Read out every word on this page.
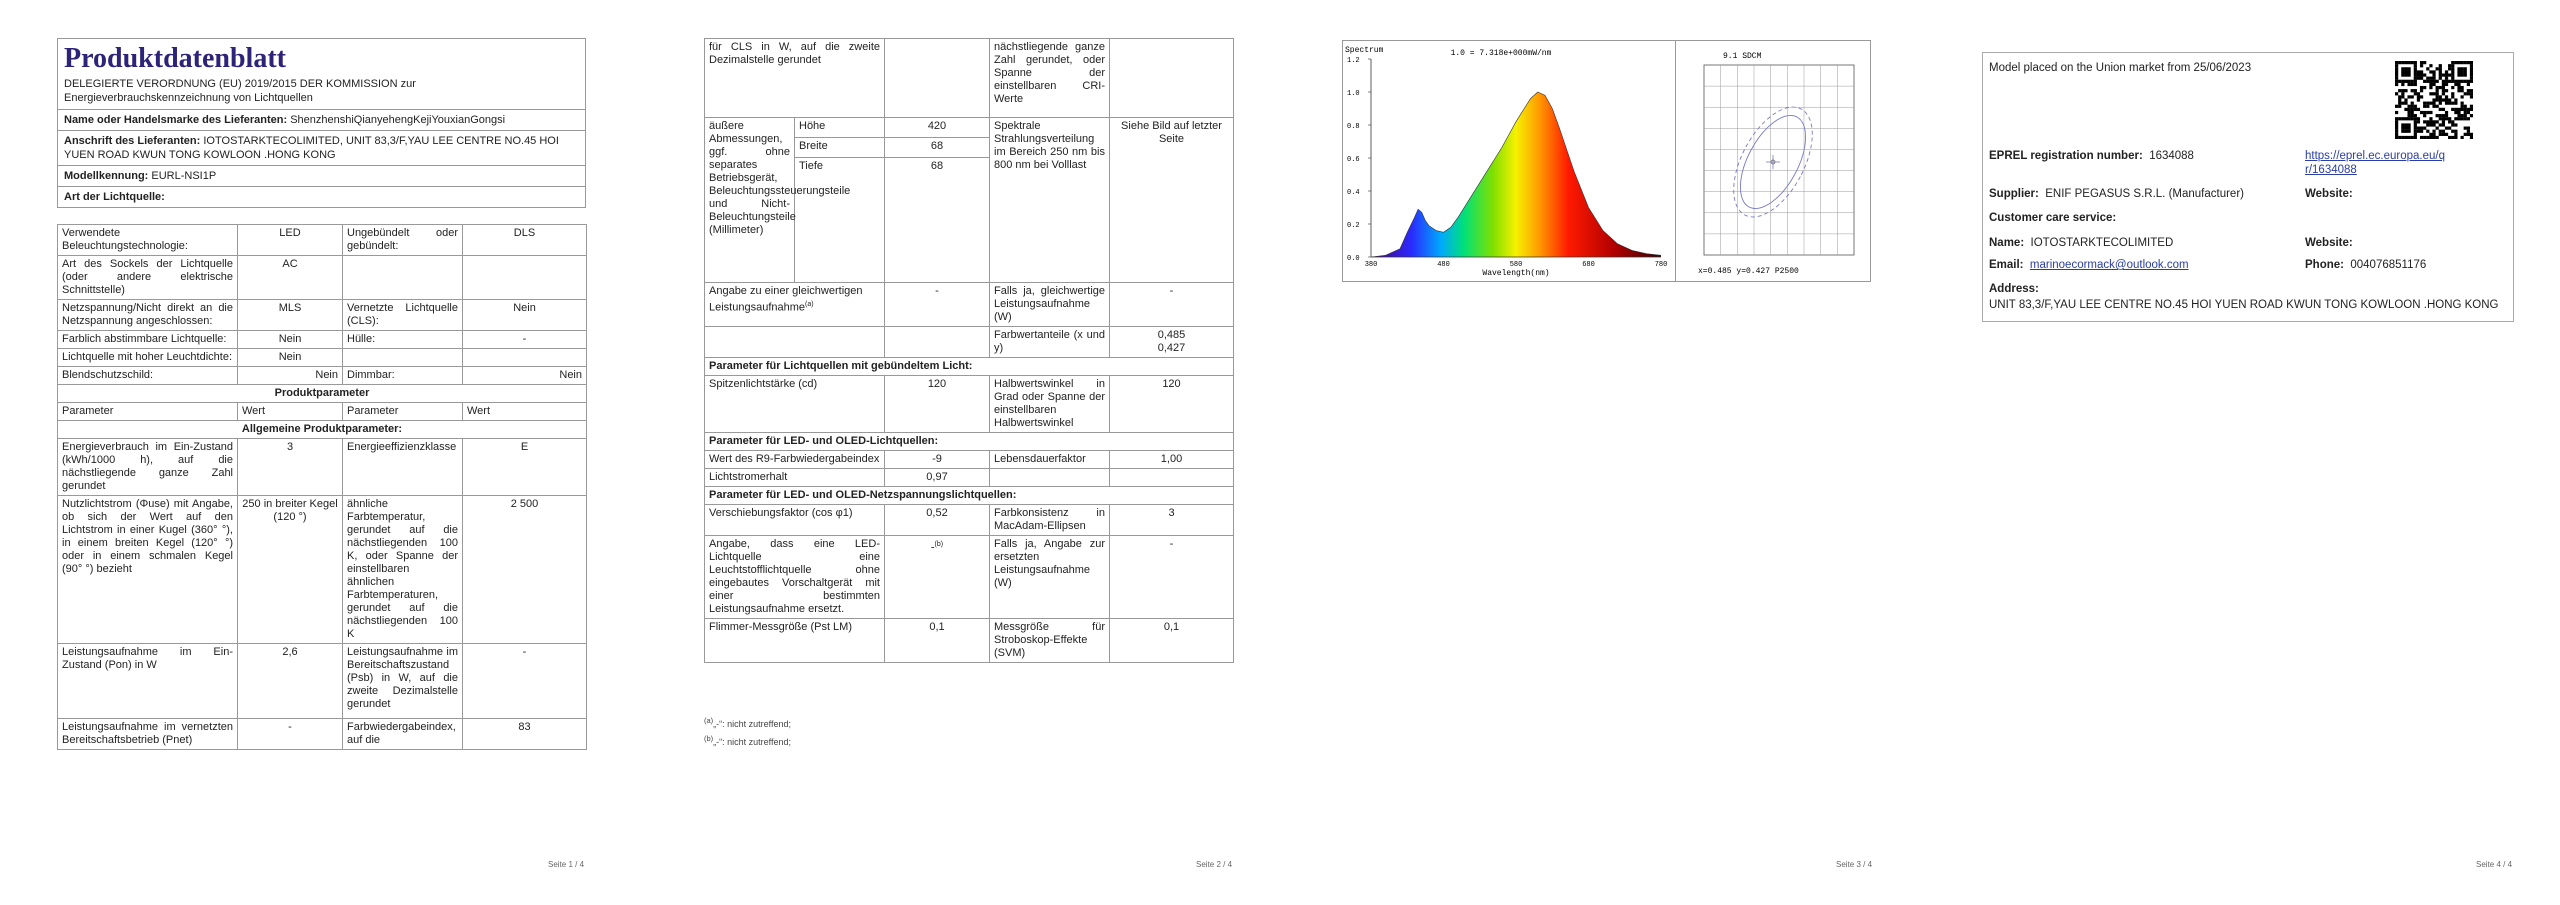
Produktdatenblatt
DELEGIERTE VERORDNUNG (EU) 2019/2015 DER KOMMISSION zur Energieverbrauchskennzeichnung von Lichtquellen
Name oder Handelsmarke des Lieferanten: ShenzhenshiQianyehengKejiYouxianGongsi
Anschrift des Lieferanten: IOTOSTARKTECOLIMITED, UNIT 83,3/F,YAU LEE CENTRE NO.45 HOI YUEN ROAD KWUN TONG KOWLOON .HONG KONG
Modellkennung: EURL-NSI1P
Art der Lichtquelle:
Verwendete Beleuchtungstechnologie:	LED	Ungebündelt oder gebündelt:	DLS
Art des Sockels der Lichtquelle (oder andere elektrische Schnittstelle)	AC		
Netzspannung/Nicht direkt an die Netzspannung angeschlossen:	MLS	Vernetzte Lichtquelle (CLS):	Nein
Farblich abstimmbare Lichtquelle:	Nein	Hülle:	-
Lichtquelle mit hoher Leuchtdichte:	Nein		
Blendschutzschild:	Nein	Dimmbar:	Nein
Produktparameter			
Parameter	Wert	Parameter	Wert
Allgemeine Produktparameter:			
Energieverbrauch im Ein-Zustand (kWh/1000 h), auf die nächstliegende ganze Zahl gerundet	3	Energieeffizienzklasse	E
Nutzlichtstrom (Φuse) mit Angabe, ob sich der Wert auf den Lichtstrom in einer Kugel (360° °), in einem breiten Kegel (120° °) oder in einem schmalen Kegel (90° °) bezieht	250 in breiter Kegel (120 °)	ähnliche Farbtemperatur, gerundet auf die nächstliegenden 100 K, oder Spanne der einstellbaren ähnlichen Farbtemperaturen, gerundet auf die nächstliegenden 100 K	2 500
Leistungsaufnahme im Ein-Zustand (Pon) in W	2,6	Leistungsaufnahme im Bereitschaftszustand (Psb) in W, auf die zweite Dezimalstelle gerundet	-
Leistungsaufnahme im vernetzten Bereitschaftsbetrieb (Pnet)	-	Farbwiedergabeindex, auf die	83
Seite 1 / 4
für CLS in W, auf die zweite Dezimalstelle gerundet			nächstliegende ganze Zahl gerundet, oder Spanne der einstellbaren CRI-Werte	
äußere Abmessungen, ggf. ohne separates Betriebsgerät, Beleuchtungssteuerungsteile und Nicht-Beleuchtungsteile (Millimeter)	Höhe	420	Spektrale Strahlungsverteilung im Bereich 250 nm bis 800 nm bei Volllast	Siehe Bild auf letzter Seite
	Breite	68		
	Tiefe	68		
Angabe zu einer gleichwertigen Leistungsaufnahme$^{(a)}$		-	Falls ja, gleichwertige Leistungsaufnahme (W)	-
			Farbwertanteile (x und y)	0,485
0,427

Parameter für Lichtquellen mit gebündeltem Licht:				
Spitzenlichtstärke (cd)		120	Halbwertswinkel in Grad oder Spanne der einstellbaren Halbwertswinkel	120
Parameter für LED- und OLED-Lichtquellen:				
Wert des R9-Farbwiedergabeindex		-9	Lebensdauerfaktor	1,00
Lichtstromerhalt		0,97		
Parameter für LED- und OLED-Netzspannungslichtquellen:				
Verschiebungsfaktor (cos φ1)		0,52	Farbkonsistenz in MacAdam-Ellipsen	3
Angabe, dass eine LED-Lichtquelle eine Leuchtstofflichtquelle ohne eingebautes Vorschaltgerät mit einer bestimmten Leistungsaufnahme ersetzt.		-$^{(b)}$	Falls ja, Angabe zur ersetzten Leistungsaufnahme (W)	-
Flimmer-Messgröße (Pst LM)		0,1	Messgröße für Stroboskop-Effekte (SVM)	0,1
$^{(a)}$„-“: nicht zutreffend;
$^{(b)}$„-“: nicht zutreffend;
Seite 2 / 4
Spectrum	1.0 = 7.318e+000mW/nm
0.0
0.2
0.4
0.6
0.8
1.0
1.2
380	480	580	680	780
Wavelength(nm)
9.1 SDCM
x=0.485 y=0.427 P2500
Seite 3 / 4	Seite 4 / 4
Model placed on the Union market from 25/06/2023
EPREL registration number: 1634088	https://eprel.ec.europa.eu/qr/1634088
Supplier: ENIF PEGASUS S.R.L. (Manufacturer)	Website:
Customer care service:
Name: IOTOSTARKTECOLIMITED	Website:
Email: marinoecormack@outlook.com	Phone: 004076851176
Address:
UNIT 83,3/F,YAU LEE CENTRE NO.45 HOI YUEN ROAD KWUN TONG KOWLOON .HONG KONG
